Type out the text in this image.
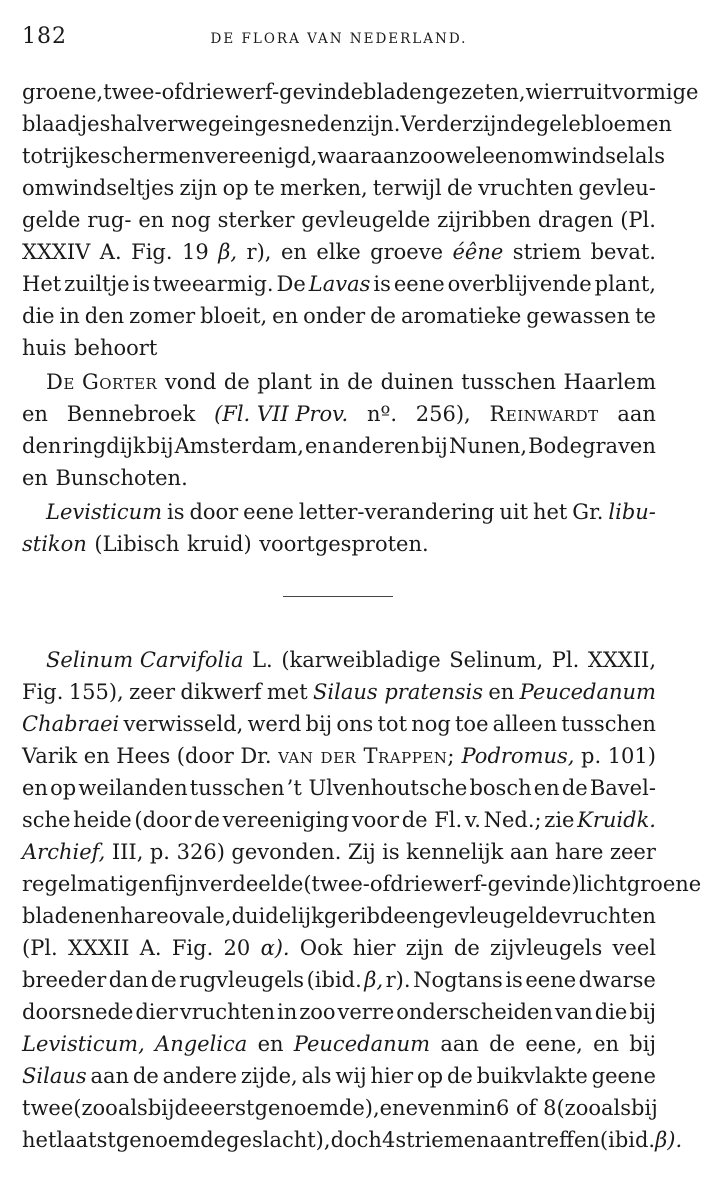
182	DE FLORA VAN NEDERLAND.
groene, twee- of driewerf-gevinde bladen gezeten, wier ruitvormige
blaadjes halverwege ingesneden zijn. Verder zijn de gele bloemen
tot rijke schermen vereenigd, waaraan zoowel een omwindsel als
omwindseltjes zijn op te merken, terwijl de vruchten gevleu-
gelde rug- en nog sterker gevleugelde zijribben dragen (Pl.
XXXIV A. Fig. 19 β, r), en elke groeve éêne striem bevat.
Het zuiltje is tweearmig. De Lavas is eene overblijvende plant,
die in den zomer bloeit, en onder de aromatieke gewassen te
huis behoort
De Gorter vond de plant in de duinen tusschen Haarlem
en Bennebroek (Fl. VII Prov. nº. 256), Reinwardt aan
den ringdijk bij Amsterdam, en anderen bij Nunen, Bodegraven
en Bunschoten.
Levisticum is door eene letter-verandering uit het Gr. libu-
stikon (Libisch kruid) voortgesproten.
Selinum Carvifolia L. (karweibladige Selinum, Pl. XXXII,
Fig. 155), zeer dikwerf met Silaus pratensis en Peucedanum
Chabraei verwisseld, werd bij ons tot nog toe alleen tusschen
Varik en Hees (door Dr. van der Trappen; Podromus, p. 101)
en op weilanden tusschen ’t Ulvenhoutsche bosch en de Bavel-
sche heide (door de vereeniging voor de Fl. v. Ned.; zie Kruidk.
Archief, III, p. 326) gevonden. Zij is kennelijk aan hare zeer
regelmatig en fijn verdeelde (twee- of driewerf-gevinde) lichtgroene
bladen en hare ovale, duidelijk geribde en gevleugelde vruchten
(Pl. XXXII A. Fig. 20 α). Ook hier zijn de zijvleugels veel
breeder dan de rugvleugels (ibid. β, r). Nogtans is eene dwarse
doorsnede dier vruchten in zoo verre onderscheiden van die bij
Levisticum, Angelica en Peucedanum aan de eene, en bij
Silaus aan de andere zijde, als wij hier op de buikvlakte geene
twee (zooals bij de eerstgenoemde), en evenmin 6 of 8 (zooals bij
het laatstgenoemde geslacht), doch 4 striemen aantreffen (ibid. β).
